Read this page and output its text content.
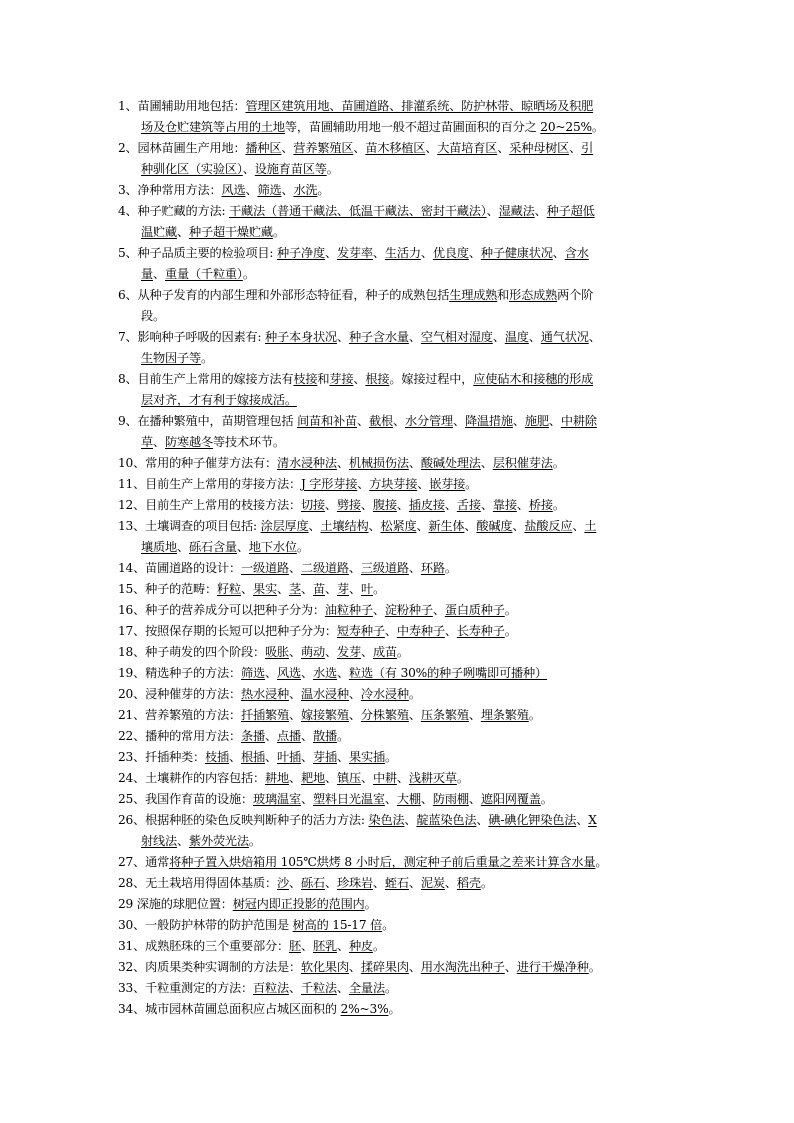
1、苗圃辅助用地包括：管理区建筑用地、苗圃道路、排灌系统、防护林带、晾晒场及积肥
场及仓贮建筑等占用的土地等，苗圃辅助用地一般不超过苗圃面积的百分之 20~25%。
2、园林苗圃生产用地：播种区、营养繁殖区、苗木移植区、大苗培育区、采种母树区、引
种驯化区（实验区）、设施育苗区等。
3、净种常用方法：风选、筛选、水洗。
4、种子贮藏的方法: 干藏法（普通干藏法、低温干藏法、密封干藏法）、湿藏法、种子超低
温贮藏、种子超干燥贮藏。
5、种子品质主要的检验项目: 种子净度、发芽率、生活力、优良度、种子健康状况、含水
量、重量（千粒重）。
6、从种子发育的内部生理和外部形态特征看，种子的成熟包括生理成熟和形态成熟两个阶
段。
7、影响种子呼吸的因素有: 种子本身状况、种子含水量、空气相对湿度、温度、通气状况、
生物因子等。
8、目前生产上常用的嫁接方法有枝接和芽接、根接。嫁接过程中，应使砧木和接穗的形成
层对齐，才有利于嫁接成活。
9、在播种繁殖中，苗期管理包括 间苗和补苗、截根、水分管理、降温措施、施肥、中耕除
草、防寒越冬等技术环节。
10、常用的种子催芽方法有：清水浸种法、机械损伤法、酸碱处理法、层积催芽法。
11、目前生产上常用的芽接方法：J 字形芽接、方块芽接、嵌芽接。
12、目前生产上常用的枝接方法：切接、劈接、腹接、插皮接、舌接、靠接、桥接。
13、土壤调查的项目包括: 涂层厚度、土壤结构、松紧度、新生体、酸碱度、盐酸反应、土
壤质地、砾石含量、地下水位。
14、苗圃道路的设计：一级道路、二级道路、三级道路、环路。
15、种子的范畴：籽粒、果实、茎、苗、芽、叶。
16、种子的营养成分可以把种子分为：油粒种子、淀粉种子、蛋白质种子。
17、按照保存期的长短可以把种子分为：短寿种子、中寿种子、长寿种子。
18、种子萌发的四个阶段：吸胀、萌动、发芽、成苗。
19、精选种子的方法：筛选、风选、水选、粒选（有 30%的种子咧嘴即可播种）
20、浸种催芽的方法：热水浸种、温水浸种、冷水浸种。
21、营养繁殖的方法：扦插繁殖、嫁接繁殖、分株繁殖、压条繁殖、埋条繁殖。
22、播种的常用方法：条播、点播、散播。
23、扦插种类：枝插、根插、叶插、芽插、果实插。
24、土壤耕作的内容包括：耕地、耙地、镇压、中耕、浅耕灭草。
25、我国作育苗的设施：玻璃温室、塑料日光温室、大棚、防雨棚、遮阳网覆盖。
26、根据种胚的染色反映判断种子的活力方法: 染色法、靛蓝染色法、碘-碘化钾染色法、X
射线法、紫外荧光法。
27、通常将种子置入烘焙箱用 105℃烘烤 8 小时后，测定种子前后重量之差来计算含水量。
28、无土栽培用得固体基质：沙、砾石、珍珠岩、蛭石、泥炭、稻壳。
29 深施的球肥位置：树冠内即正投影的范围内。
30、一般防护林带的防护范围是 树高的 15-17 倍。
31、成熟胚珠的三个重要部分：胚、胚乳、种皮。
32、肉质果类种实调制的方法是：软化果肉、揉碎果肉、用水淘洗出种子、进行干燥净种。
33、千粒重测定的方法：百粒法、千粒法、全量法。
34、城市园林苗圃总面积应占城区面积的 2%~3%。
